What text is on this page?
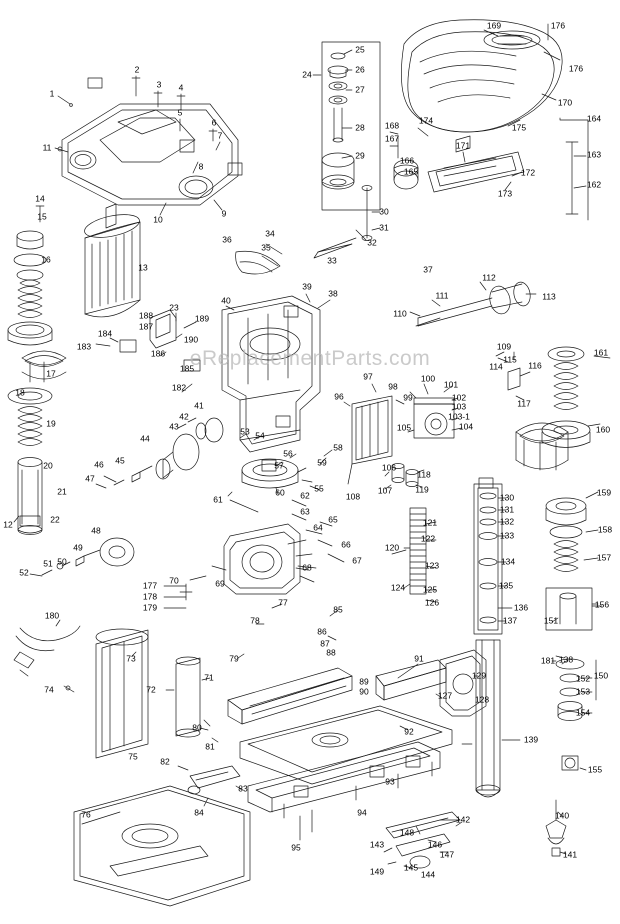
eReplacementParts.com
1
2
3 4
5
6
7
8
9
10
11
12
13
14
15
16
17
18
19
20
21
22
23
24
25
26
27
28
29
30
31
32
33
34
35
36
37
38
39
40
41
42
43
44
45
46
47
48
49
50
51
52
53 54
55
56
57
58
59
60
61	62
63
64
65
66
67
68
69
70
71
72
73
74
75
76
77
78
79
80
81
82
83
84
85
86
87
88
89
90
91
92
93
94
95
96
97
98
99
100
101
102
103
103-1
104
105
106
107
108
109
110
111
112
113
114
115
116
117
118
119
120
121
122
123
124 125
126
127	128
129
130
131
132
133
134
135
136
137
138
139
140
141
142
143
144
145
146
147
148
149
150
151
152
153
154
155
156
157
158
159
160
161
162
163
164
165
166
167
168
169
170
171
172
173
174
175
176
176
177
178
179
180
181
182
183
184
185
186
187
188	189
190
